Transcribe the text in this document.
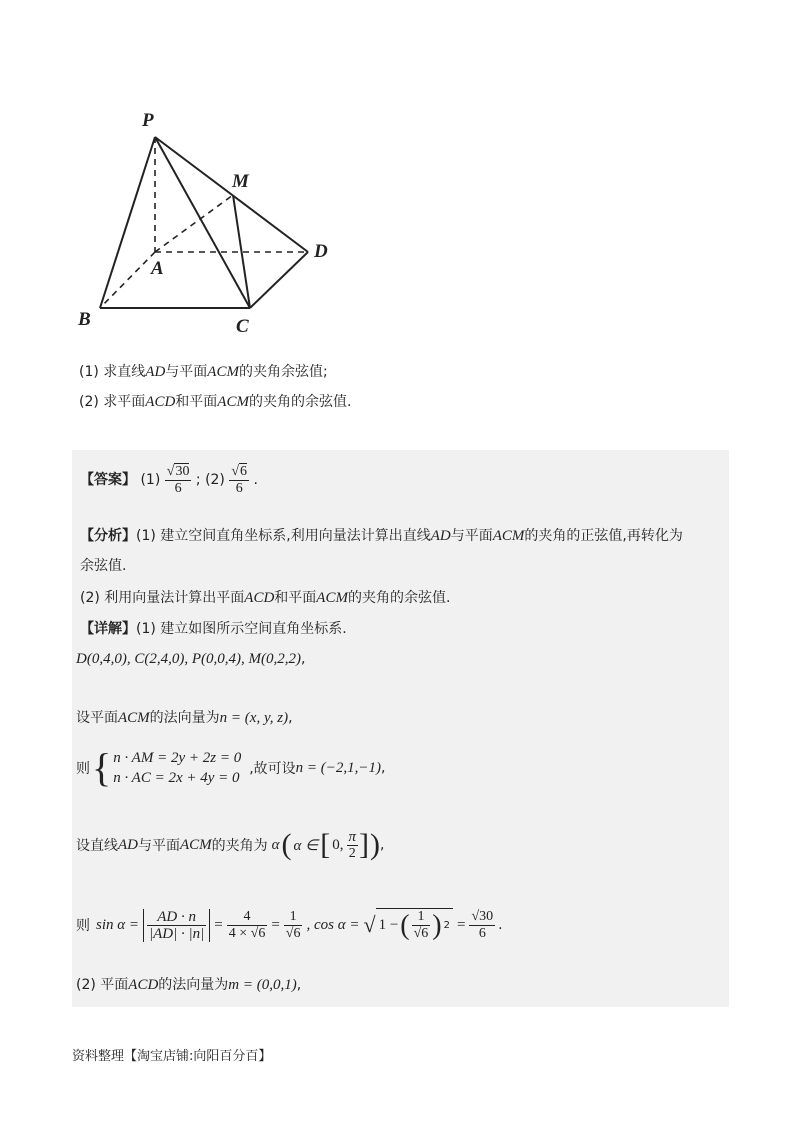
P
M
A
D
B	C
(1) 求直线AD与平面ACM的夹角余弦值;
(2) 求平面ACD和平面ACM的夹角的余弦值.
【答案】 $(1) \frac{√30}{6}$ ; $(2) \frac{√6}{6}$ .
【分析】(1) 建立空间直角坐标系,利用向量法计算出直线AD与平面ACM的夹角的正弦值,再转化为
余弦值.
(2) 利用向量法计算出平面ACD和平面ACM的夹角的余弦值.
【详解】(1) 建立如图所示空间直角坐标系.
D(0,4,0), C(2,4,0), P(0,0,4), M(0,2,2),
设平面ACM的法向量为n = (x, y, z),
则 { n · AM = 2y + 2z = 0
n · AC = 2x + 4y = 0
,故可设 n = (−2,1,−1) ,
设直线 AD 与平面 ACM 的夹角为 α ( α ∈ [ 0, $\frac{\pi}{2}$ ] ) ,
则 $\sin \alpha = \frac{AD \cdot n}{|AD| \cdot |n|} = \frac{4}{4 \times √6} = \frac{1}{√6}$ , cos α = √ 1 − ( $\frac{1}{√6}$ ) $2 = \frac{√30}{6}$ .
(2) 平面ACD的法向量为m = (0,0,1),
资料整理【淘宝店铺:向阳百分百】
